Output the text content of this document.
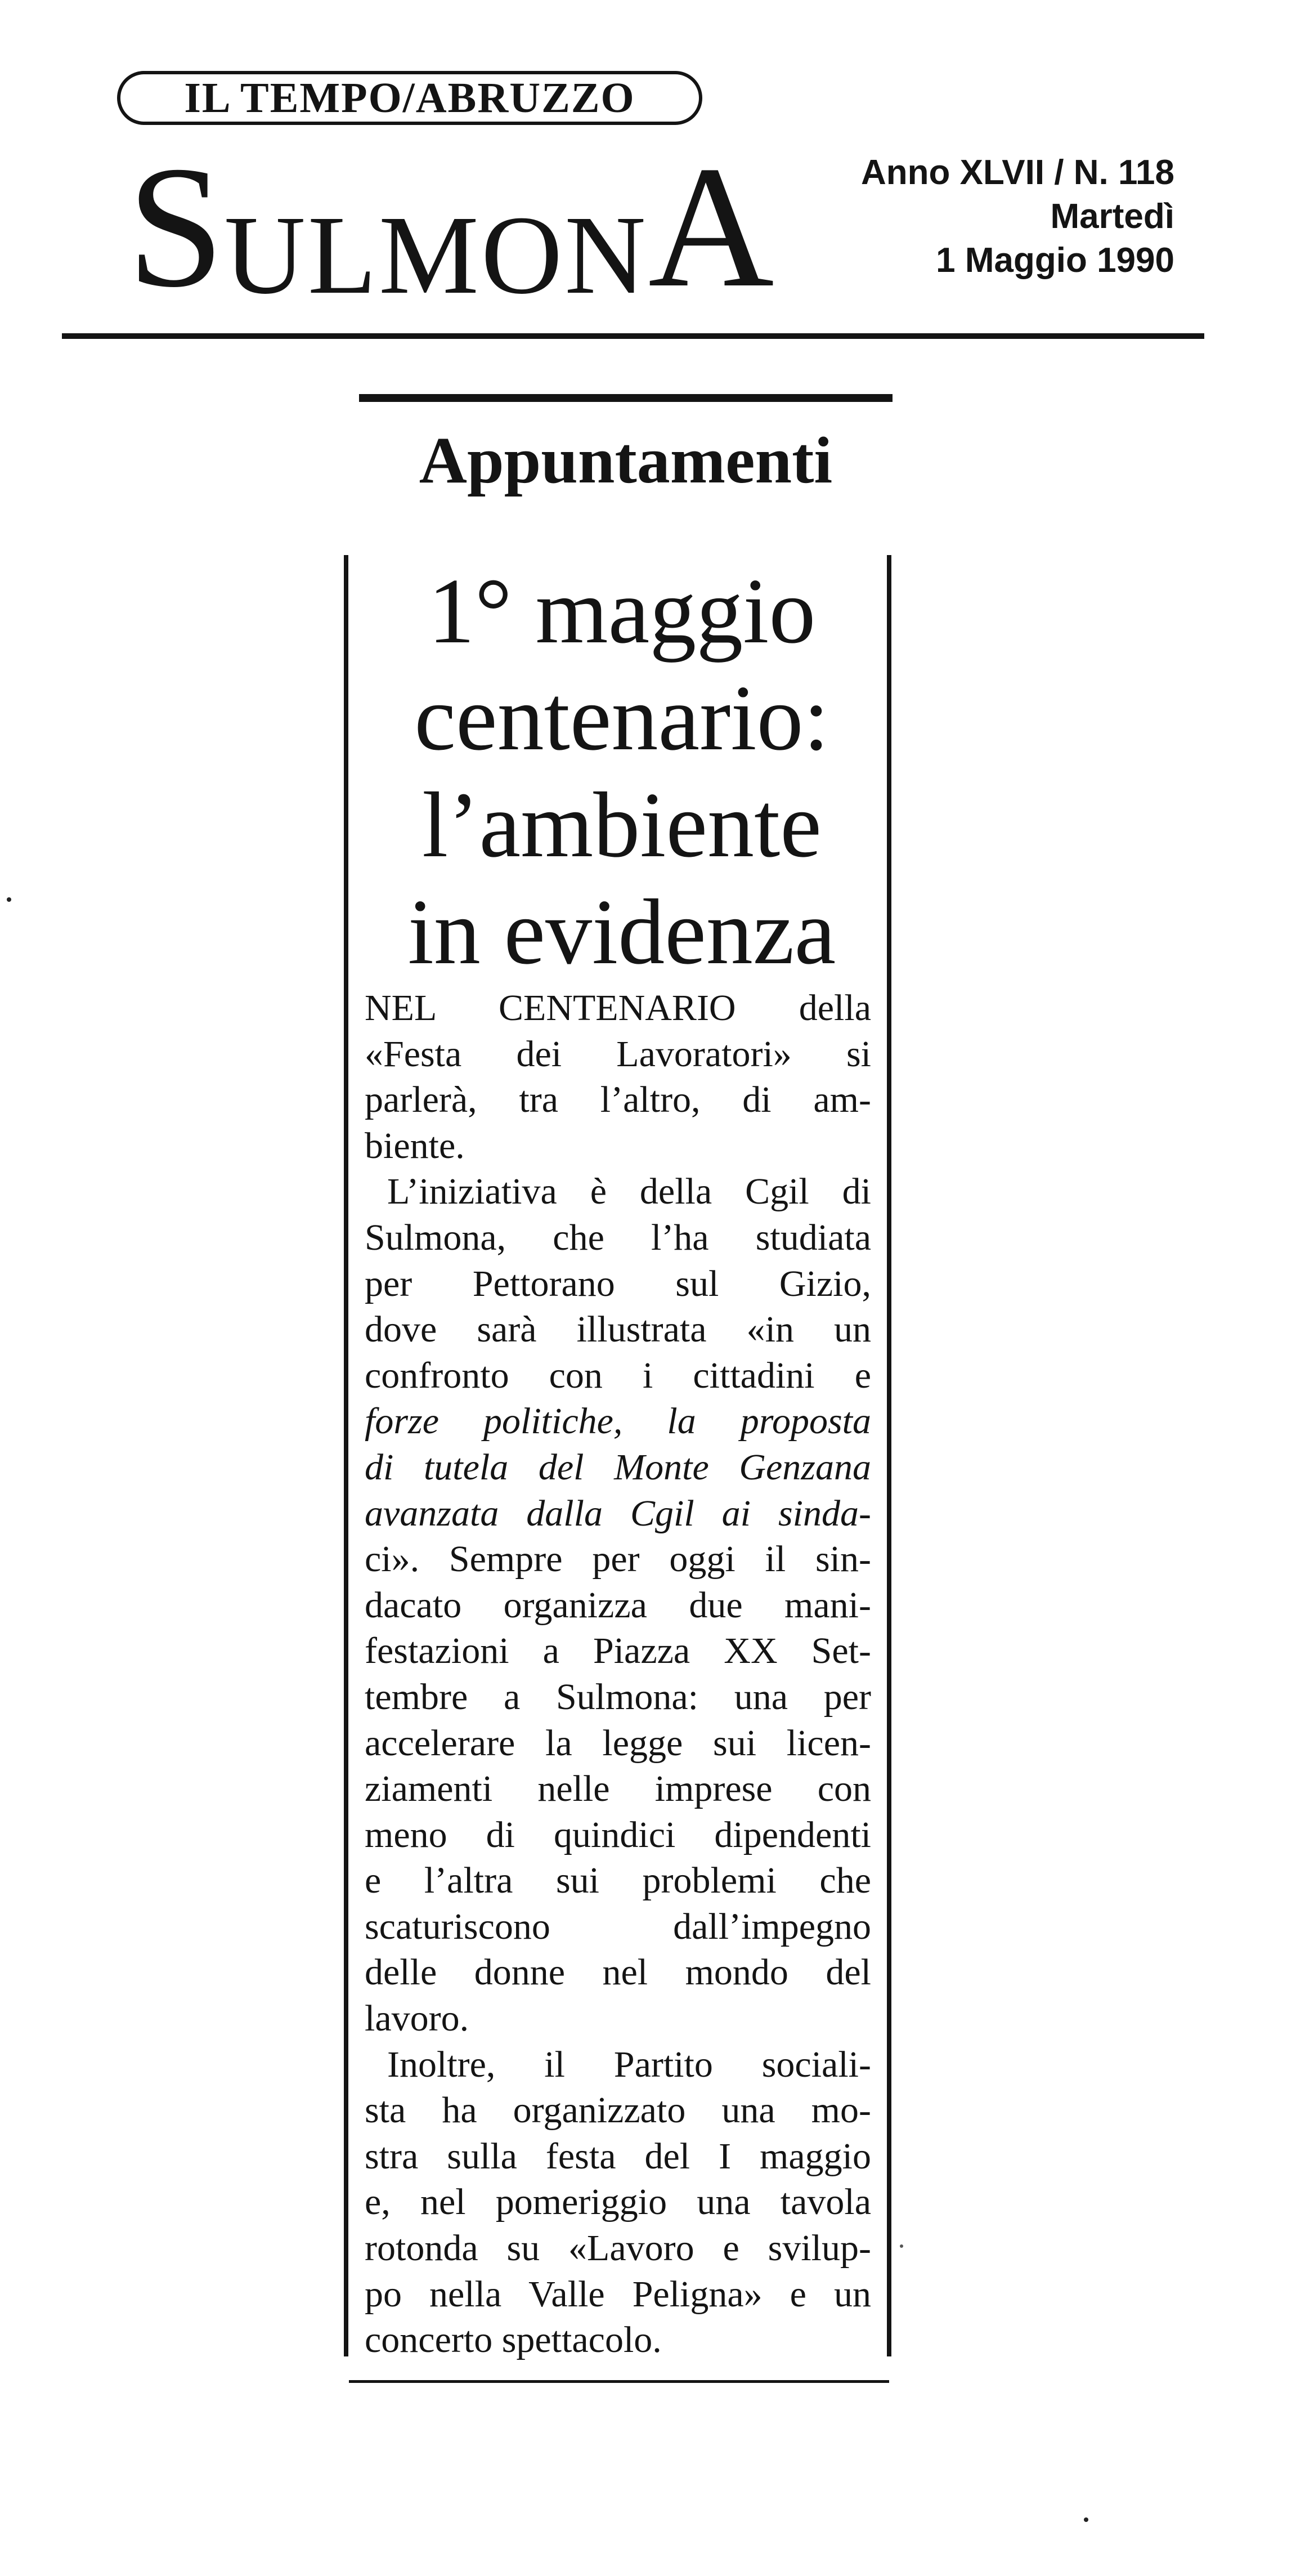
IL TEMPO/ABRUZZO
SULMONA Anno XLVII / N. 118
Martedì
1 Maggio 1990
Appuntamenti
1° maggio
centenario:
l’ambiente
in evidenza
NEL CENTENARIO della
«Festa dei Lavoratori» si
parlerà, tra l’altro, di am-
biente.
L’iniziativa è della Cgil di
Sulmona, che l’ha studiata
per Pettorano sul Gizio,
dove sarà illustrata «in un
confronto con i cittadini e
forze politiche, la proposta
di tutela del Monte Genzana
avanzata dalla Cgil ai sinda-
ci». Sempre per oggi il sin-
dacato organizza due mani-
festazioni a Piazza XX Set-
tembre a Sulmona: una per
accelerare la legge sui licen-
ziamenti nelle imprese con
meno di quindici dipendenti
e l’altra sui problemi che
scaturiscono dall’impegno
delle donne nel mondo del
lavoro.
Inoltre, il Partito sociali-
sta ha organizzato una mo-
stra sulla festa del I maggio
e, nel pomeriggio una tavola
rotonda su «Lavoro e svilup-
po nella Valle Peligna» e un
concerto spettacolo.
